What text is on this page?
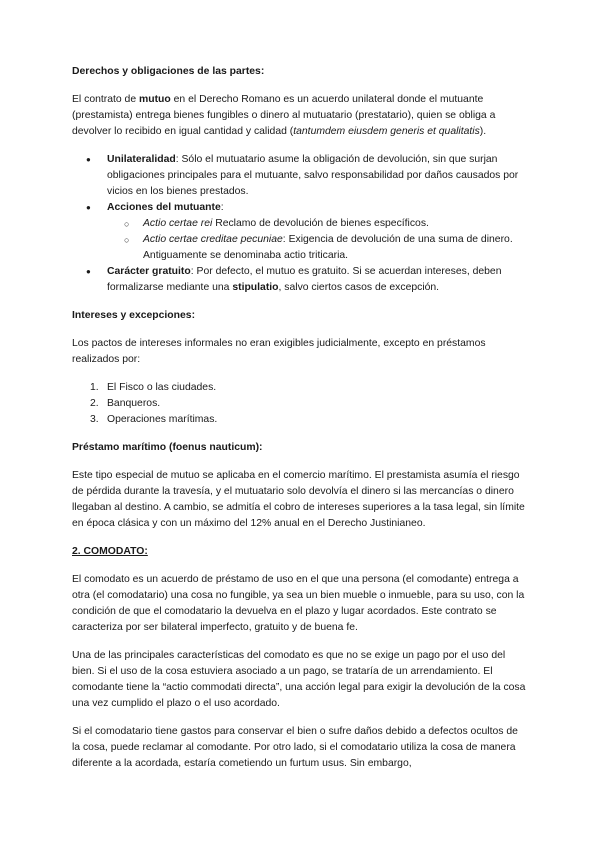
Derechos y obligaciones de las partes:

El contrato de mutuo en el Derecho Romano es un acuerdo unilateral donde el mutuante (prestamista) entrega bienes fungibles o dinero al mutuatario (prestatario), quien se obliga a devolver lo recibido en igual cantidad y calidad (tantumdem eiusdem generis et qualitatis).

● Unilateralidad: Sólo el mutuatario asume la obligación de devolución, sin que surjan obligaciones principales para el mutuante, salvo responsabilidad por daños causados por vicios en los bienes prestados.
● Acciones del mutuante:
○ Actio certae rei Reclamo de devolución de bienes específicos.
○ Actio certae creditae pecuniae: Exigencia de devolución de una suma de dinero. Antiguamente se denominaba actio triticaria.
● Carácter gratuito: Por defecto, el mutuo es gratuito. Si se acuerdan intereses, deben formalizarse mediante una stipulatio, salvo ciertos casos de excepción.
Intereses y excepciones:

Los pactos de intereses informales no eran exigibles judicialmente, excepto en préstamos realizados por:

1. El Fisco o las ciudades.
2. Banqueros.
3. Operaciones marítimas.
Préstamo marítimo (foenus nauticum):

Este tipo especial de mutuo se aplicaba en el comercio marítimo. El prestamista asumía el riesgo de pérdida durante la travesía, y el mutuatario solo devolvía el dinero si las mercancías o dinero llegaban al destino. A cambio, se admitía el cobro de intereses superiores a la tasa legal, sin límite en época clásica y con un máximo del 12% anual en el Derecho Justinianeo.

2. COMODATO:

El comodato es un acuerdo de préstamo de uso en el que una persona (el comodante) entrega a otra (el comodatario) una cosa no fungible, ya sea un bien mueble o inmueble, para su uso, con la condición de que el comodatario la devuelva en el plazo y lugar acordados. Este contrato se caracteriza por ser bilateral imperfecto, gratuito y de buena fe.

Una de las principales características del comodato es que no se exige un pago por el uso del bien. Si el uso de la cosa estuviera asociado a un pago, se trataría de un arrendamiento. El comodante tiene la “actio commodati directa”, una acción legal para exigir la devolución de la cosa una vez cumplido el plazo o el uso acordado.

Si el comodatario tiene gastos para conservar el bien o sufre daños debido a defectos ocultos de la cosa, puede reclamar al comodante. Por otro lado, si el comodatario utiliza la cosa de manera diferente a la acordada, estaría cometiendo un furtum usus. Sin embargo,
